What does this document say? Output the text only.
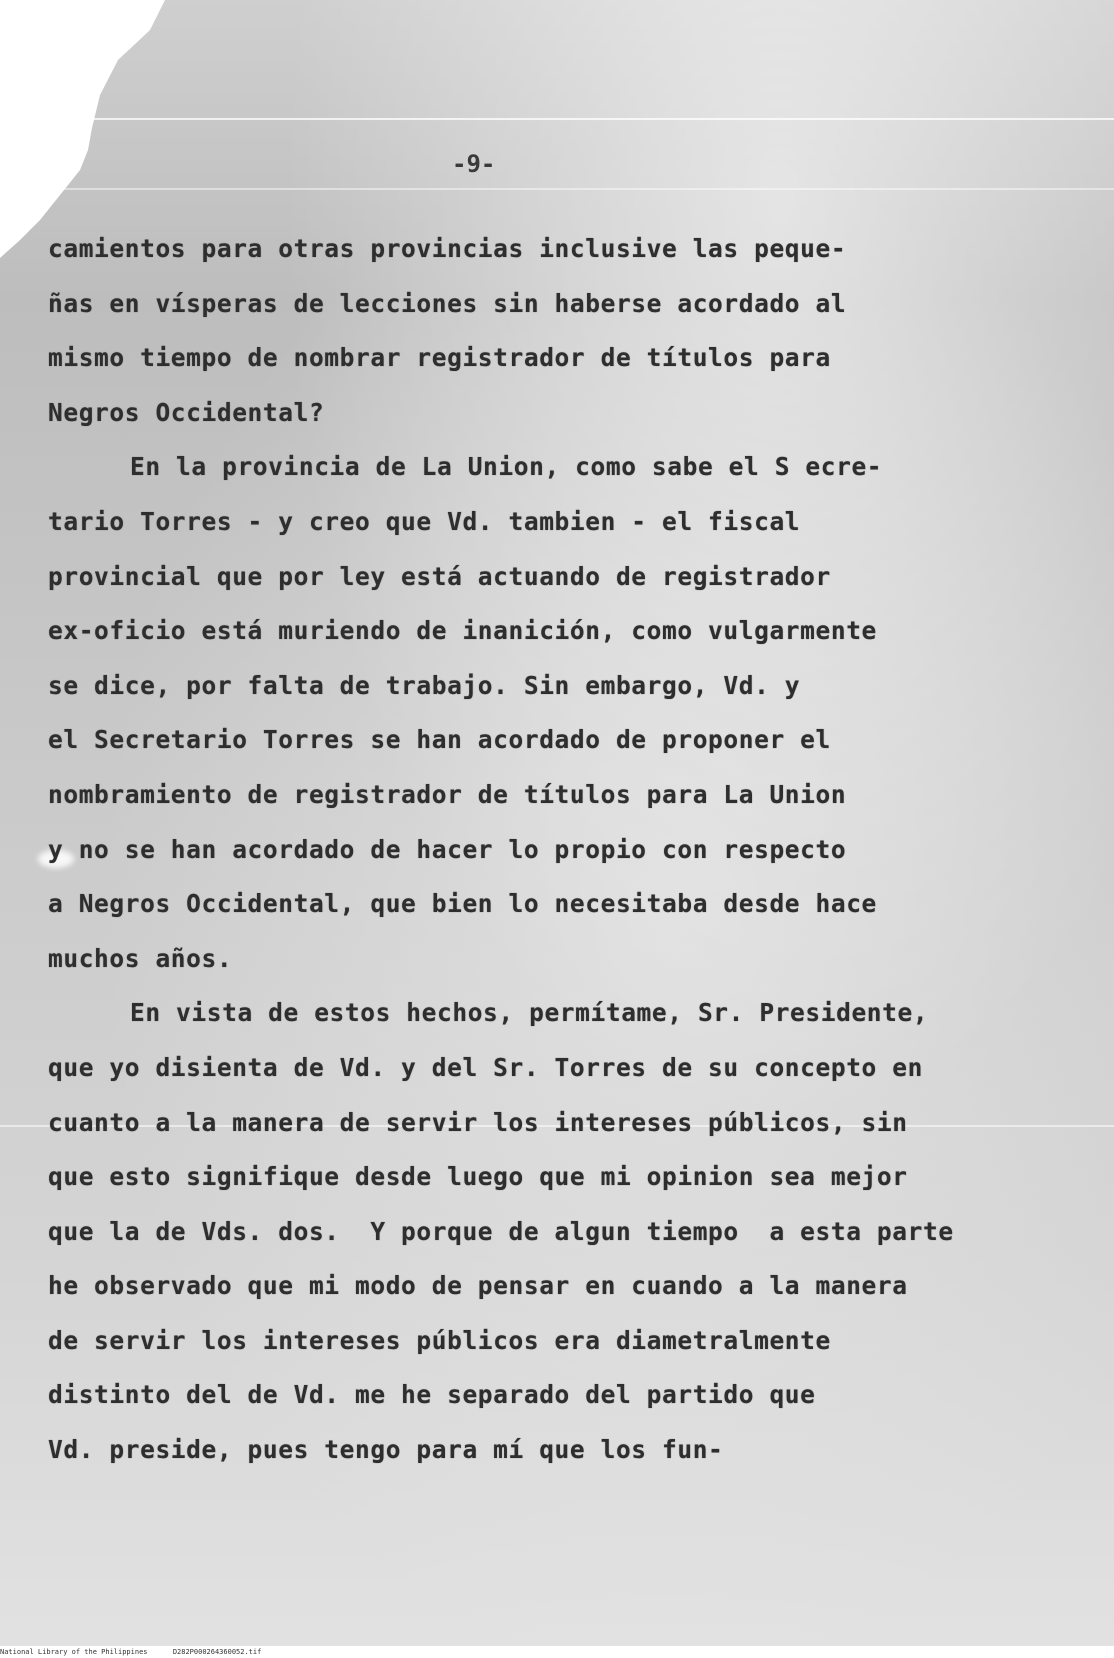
-9-
camientos para otras provincias inclusive las peque-
ñas en vísperas de lecciones sin haberse acordado al
mismo tiempo de nombrar registrador de títulos para
Negros Occidental?
En la provincia de La Union, como sabe el S ecre-
tario Torres - y creo que Vd. tambien - el fiscal
provincial que por ley está actuando de registrador
ex-oficio está muriendo de inanición, como vulgarmente
se dice, por falta de trabajo. Sin embargo, Vd. y
el Secretario Torres se han acordado de proponer el
nombramiento de registrador de títulos para La Union
y no se han acordado de hacer lo propio con respecto
a Negros Occidental, que bien lo necesitaba desde hace
muchos años.
En vista de estos hechos, permítame, Sr. Presidente,
que yo disienta de Vd. y del Sr. Torres de su concepto en
cuanto a la manera de servir los intereses públicos, sin
que esto signifique desde luego que mi opinion sea mejor
que la de Vds. dos.  Y porque de algun tiempo  a esta parte
he observado que mi modo de pensar en cuando a la manera
de servir los intereses públicos era diametralmente
distinto del de Vd. me he separado del partido que
Vd. preside, pues tengo para mí que los fun-
National Library of the Philippines	D282P000264360052.tif
